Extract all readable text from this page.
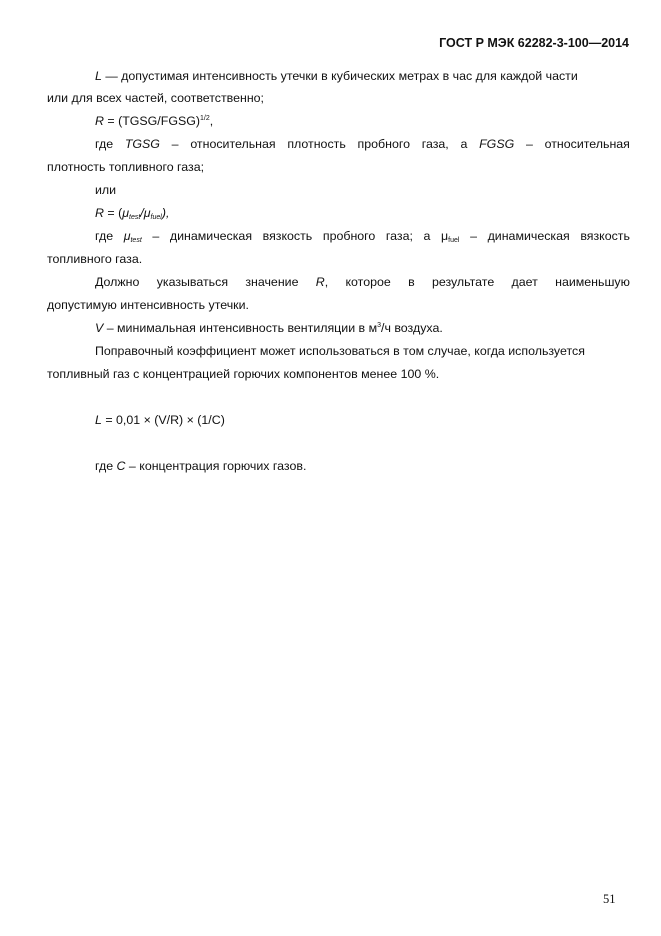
ГОСТ Р МЭК 62282-3-100—2014
L — допустимая интенсивность утечки в кубических метрах в час для каждой части
или для всех частей, соответственно;
R = (TGSG/FGSG)$^{1/2}$,
где TGSG – относительная плотность пробного газа, а FGSG – относительная
плотность топливного газа;
или
$R = (\mu_{test}/\mu_{fuel})$,
где $\mu_{test}$ – динамическая вязкость пробного газа; а $\mu_{fuel}$ – динамическая вязкость
топливного газа.
Должно указываться значение R, которое в результате дает наименьшую
допустимую интенсивность утечки.
V – минимальная интенсивность вентиляции в $м^3/ч$ воздуха.
Поправочный коэффициент может использоваться в том случае, когда используется
топливный газ с концентрацией горючих компонентов менее 100 %.
L = 0,01 × (V/R) × (1/C)
где C – концентрация горючих газов.
51
